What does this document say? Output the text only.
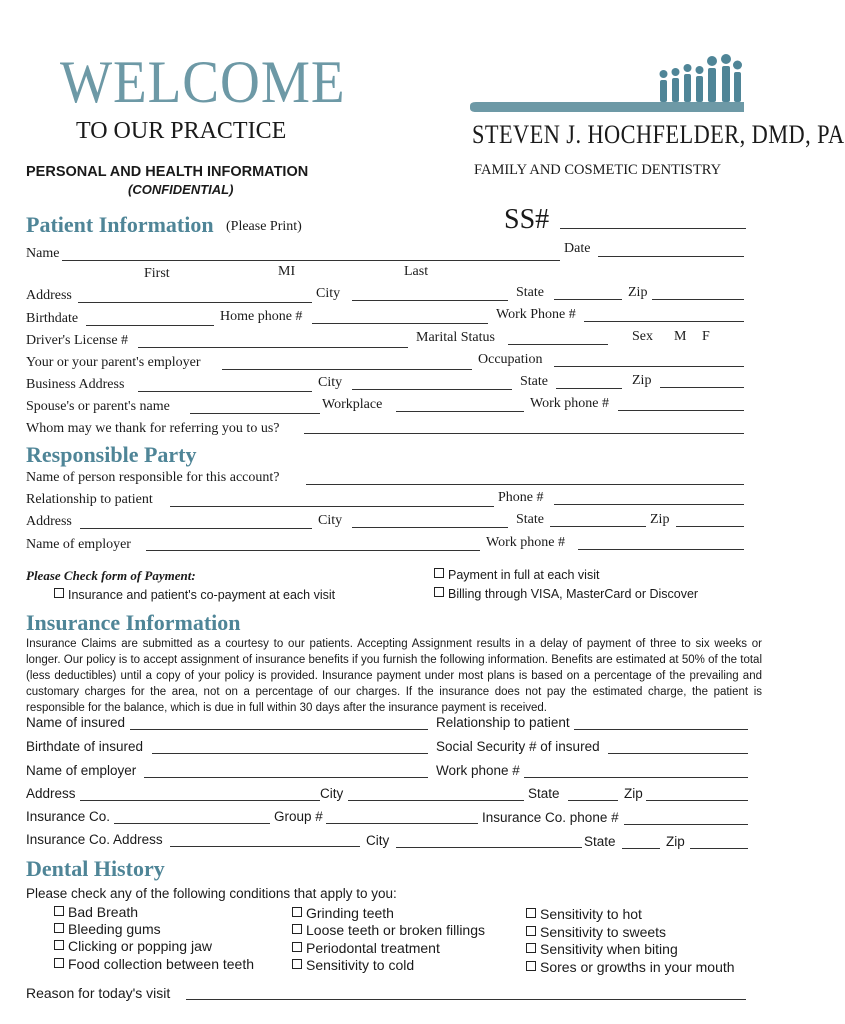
WELCOME
TO OUR PRACTICE	STEVEN J. HOCHFELDER, DMD, PA
FAMILY AND COSMETIC DENTISTRY
PERSONAL AND HEALTH INFORMATION
(CONFIDENTIAL)
Patient Information (Please Print)	SS#
Name	Date
First	MI	Last
Address	City	State	Zip
Birthdate	Home phone #	Work Phone #
Driver's License #	Marital Status	Sex M F
Your or your parent's employer	Occupation
Business Address	City	State	Zip
Spouse's or parent's name	Workplace	Work phone #
Whom may we thank for referring you to us?
Responsible Party
Name of person responsible for this account?
Relationship to patient	Phone #
Address	City	State	Zip
Name of employer	Work phone #
Please Check form of Payment:	Payment in full at each visit
Insurance and patient's co-payment at each visit	Billing through VISA, MasterCard or Discover
Insurance Information
Insurance Claims are submitted as a courtesy to our patients. Accepting Assignment results in a delay of payment of three to six weeks or longer. Our policy is to accept assignment of insurance benefits if you furnish the following information. Benefits are estimated at 50% of the total (less deductibles) until a copy of your policy is provided. Insurance payment under most plans is based on a percentage of the prevailing and customary charges for the area, not on a percentage of our charges. If the insurance does not pay the estimated charge, the patient is responsible for the balance, which is due in full within 30 days after the insurance payment is received.
Name of insured	Relationship to patient
Birthdate of insured	Social Security # of insured
Name of employer	Work phone #
Address	City	State	Zip
Insurance Co.	Group #	Insurance Co. phone #
Insurance Co. Address	City	State	Zip
Dental History
Please check any of the following conditions that apply to you:
Bad Breath
Bleeding gums
Clicking or popping jaw
Food collection between teeth
Grinding teeth
Loose teeth or broken fillings
Periodontal treatment
Sensitivity to cold
Sensitivity to hot
Sensitivity to sweets
Sensitivity when biting
Sores or growths in your mouth
Reason for today's visit
